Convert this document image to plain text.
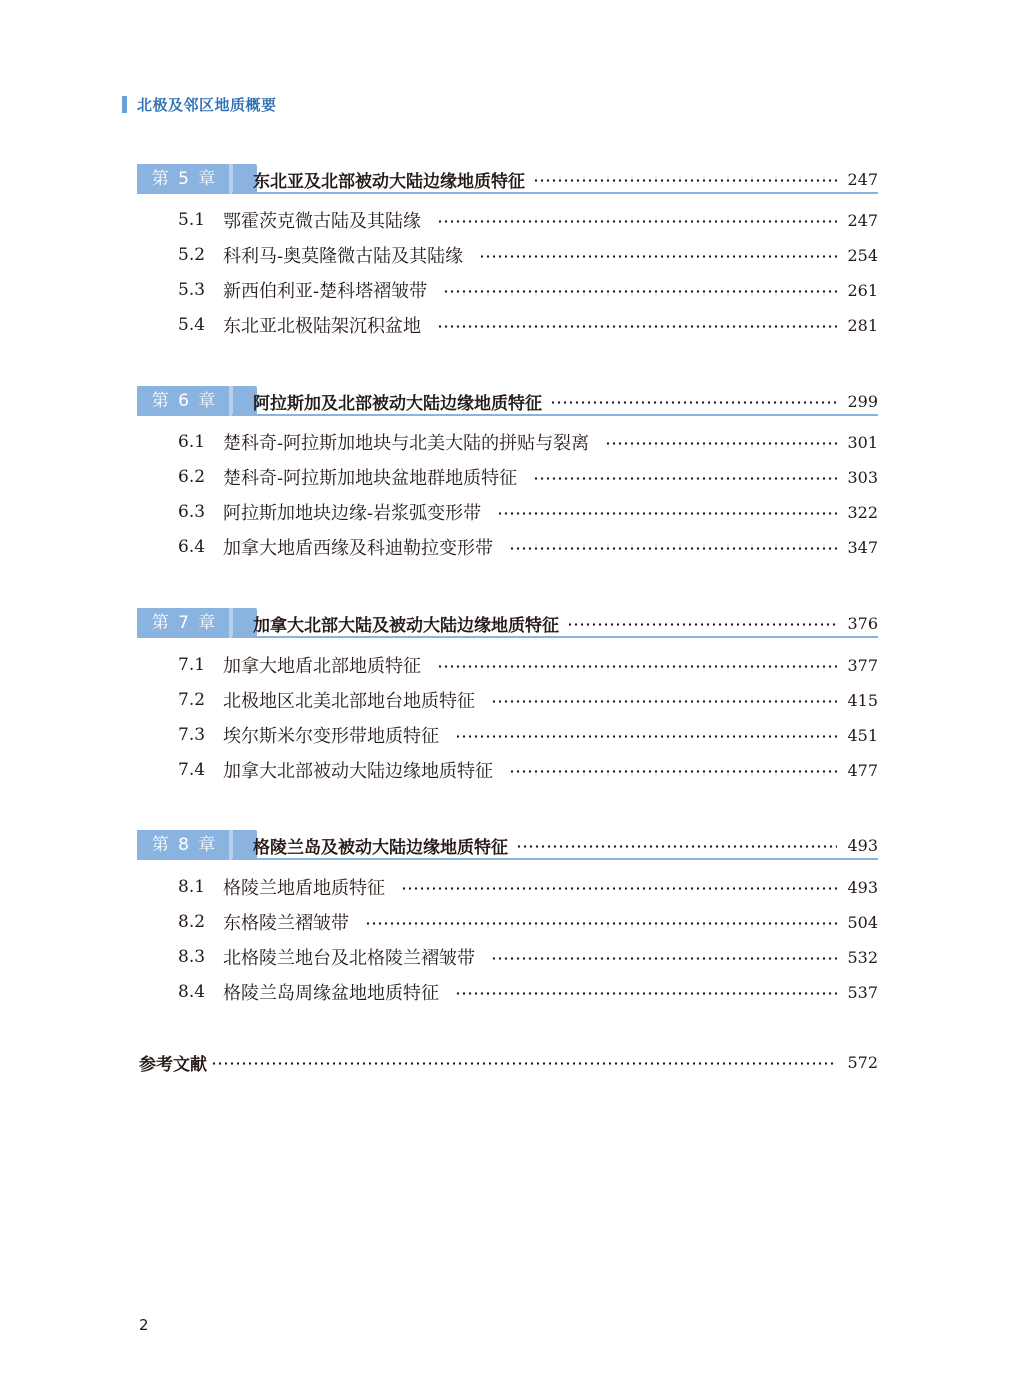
北极及邻区地质概要
第 5 章	东北亚及北部被动大陆边缘地质特征	247
5.1 鄂霍茨克微古陆及其陆缘	247
5.2 科利马-奥莫隆微古陆及其陆缘	254
5.3 新西伯利亚-楚科塔褶皱带	261
5.4 东北亚北极陆架沉积盆地	281
第 6 章	阿拉斯加及北部被动大陆边缘地质特征	299
6.1 楚科奇-阿拉斯加地块与北美大陆的拼贴与裂离	301
6.2 楚科奇-阿拉斯加地块盆地群地质特征	303
6.3 阿拉斯加地块边缘-岩浆弧变形带	322
6.4 加拿大地盾西缘及科迪勒拉变形带	347
第 7 章	加拿大北部大陆及被动大陆边缘地质特征	376
7.1 加拿大地盾北部地质特征	377
7.2 北极地区北美北部地台地质特征	415
7.3 埃尔斯米尔变形带地质特征	451
7.4 加拿大北部被动大陆边缘地质特征	477
第 8 章	格陵兰岛及被动大陆边缘地质特征	493
8.1 格陵兰地盾地质特征	493
8.2 东格陵兰褶皱带	504
8.3 北格陵兰地台及北格陵兰褶皱带	532
8.4 格陵兰岛周缘盆地地质特征	537
参考文献	572
2
